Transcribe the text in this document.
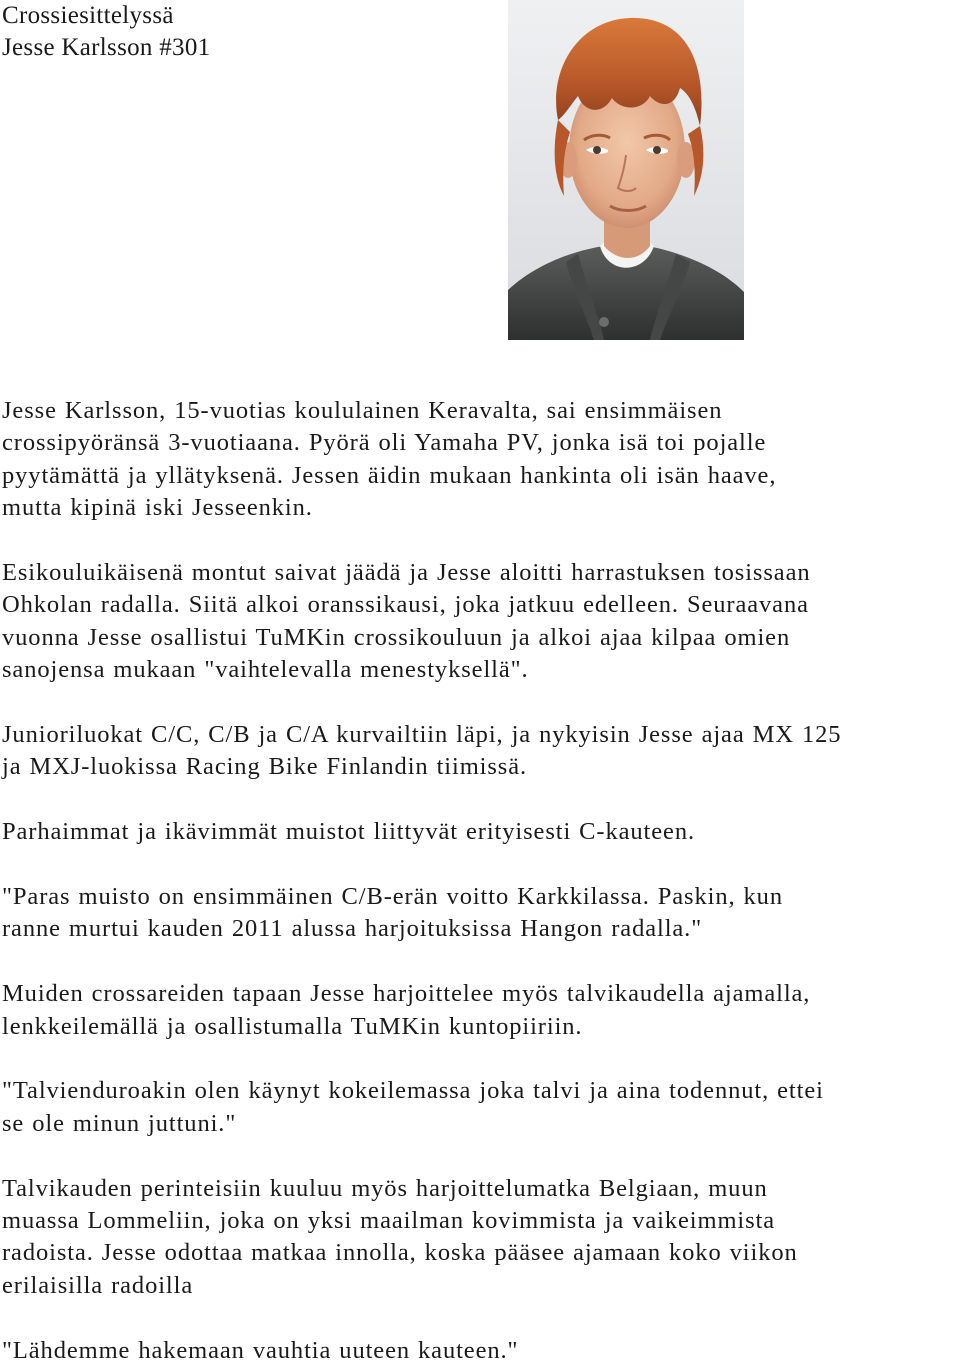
Crossiesittelyssä
Jesse Karlsson #301

Jesse Karlsson, 15-vuotias koululainen Keravalta, sai ensimmäisen
crossipyöränsä 3-vuotiaana. Pyörä oli Yamaha PV, jonka isä toi pojalle
pyytämättä ja yllätyksenä. Jessen äidin mukaan hankinta oli isän haave,
mutta kipinä iski Jesseenkin.

Esikouluikäisenä montut saivat jäädä ja Jesse aloitti harrastuksen tosissaan
Ohkolan radalla. Siitä alkoi oranssikausi, joka jatkuu edelleen. Seuraavana
vuonna Jesse osallistui TuMKin crossikouluun ja alkoi ajaa kilpaa omien
sanojensa mukaan "vaihtelevalla menestyksellä".

Junioriluokat C/C, C/B ja C/A kurvailtiin läpi, ja nykyisin Jesse ajaa MX 125
ja MXJ-luokissa Racing Bike Finlandin tiimissä.

Parhaimmat ja ikävimmät muistot liittyvät erityisesti C-kauteen.

"Paras muisto on ensimmäinen C/B-erän voitto Karkkilassa. Paskin, kun
ranne murtui kauden 2011 alussa harjoituksissa Hangon radalla."

Muiden crossareiden tapaan Jesse harjoittelee myös talvikaudella ajamalla,
lenkkeilemällä ja osallistumalla TuMKin kuntopiiriin.

"Talvienduroakin olen käynyt kokeilemassa joka talvi ja aina todennut, ettei
se ole minun juttuni."

Talvikauden perinteisiin kuuluu myös harjoittelumatka Belgiaan, muun
muassa Lommeliin, joka on yksi maailman kovimmista ja vaikeimmista
radoista. Jesse odottaa matkaa innolla, koska pääsee ajamaan koko viikon
erilaisilla radoilla

"Lähdemme hakemaan vauhtia uuteen kauteen."
